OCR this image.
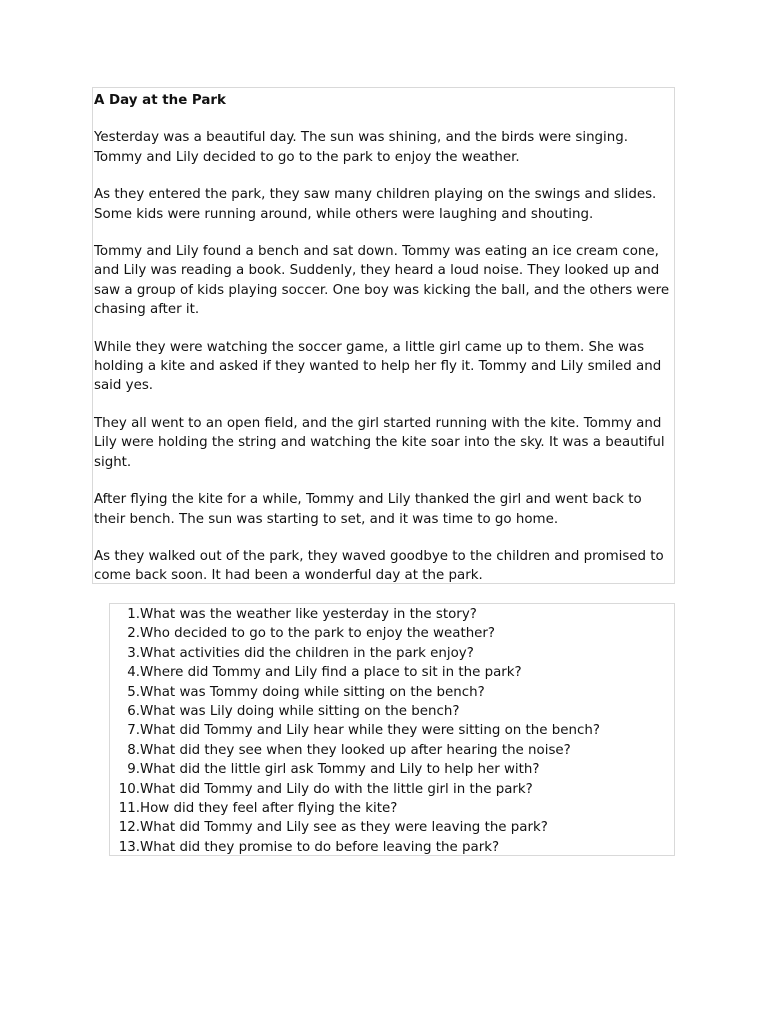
A Day at the Park

Yesterday was a beautiful day. The sun was shining, and the birds were singing. Tommy and Lily decided to go to the park to enjoy the weather.

As they entered the park, they saw many children playing on the swings and slides. Some kids were running around, while others were laughing and shouting.

Tommy and Lily found a bench and sat down. Tommy was eating an ice cream cone, and Lily was reading a book. Suddenly, they heard a loud noise. They looked up and saw a group of kids playing soccer. One boy was kicking the ball, and the others were chasing after it.

While they were watching the soccer game, a little girl came up to them. She was holding a kite and asked if they wanted to help her fly it. Tommy and Lily smiled and said yes.

They all went to an open field, and the girl started running with the kite. Tommy and Lily were holding the string and watching the kite soar into the sky. It was a beautiful sight.

After flying the kite for a while, Tommy and Lily thanked the girl and went back to their bench. The sun was starting to set, and it was time to go home.

As they walked out of the park, they waved goodbye to the children and promised to come back soon. It had been a wonderful day at the park.

1. What was the weather like yesterday in the story?
2. Who decided to go to the park to enjoy the weather?
3. What activities did the children in the park enjoy?
4. Where did Tommy and Lily find a place to sit in the park?
5. What was Tommy doing while sitting on the bench?
6. What was Lily doing while sitting on the bench?
7. What did Tommy and Lily hear while they were sitting on the bench?
8. What did they see when they looked up after hearing the noise?
9. What did the little girl ask Tommy and Lily to help her with?
10. What did Tommy and Lily do with the little girl in the park?
11. How did they feel after flying the kite?
12. What did Tommy and Lily see as they were leaving the park?
13. What did they promise to do before leaving the park?
